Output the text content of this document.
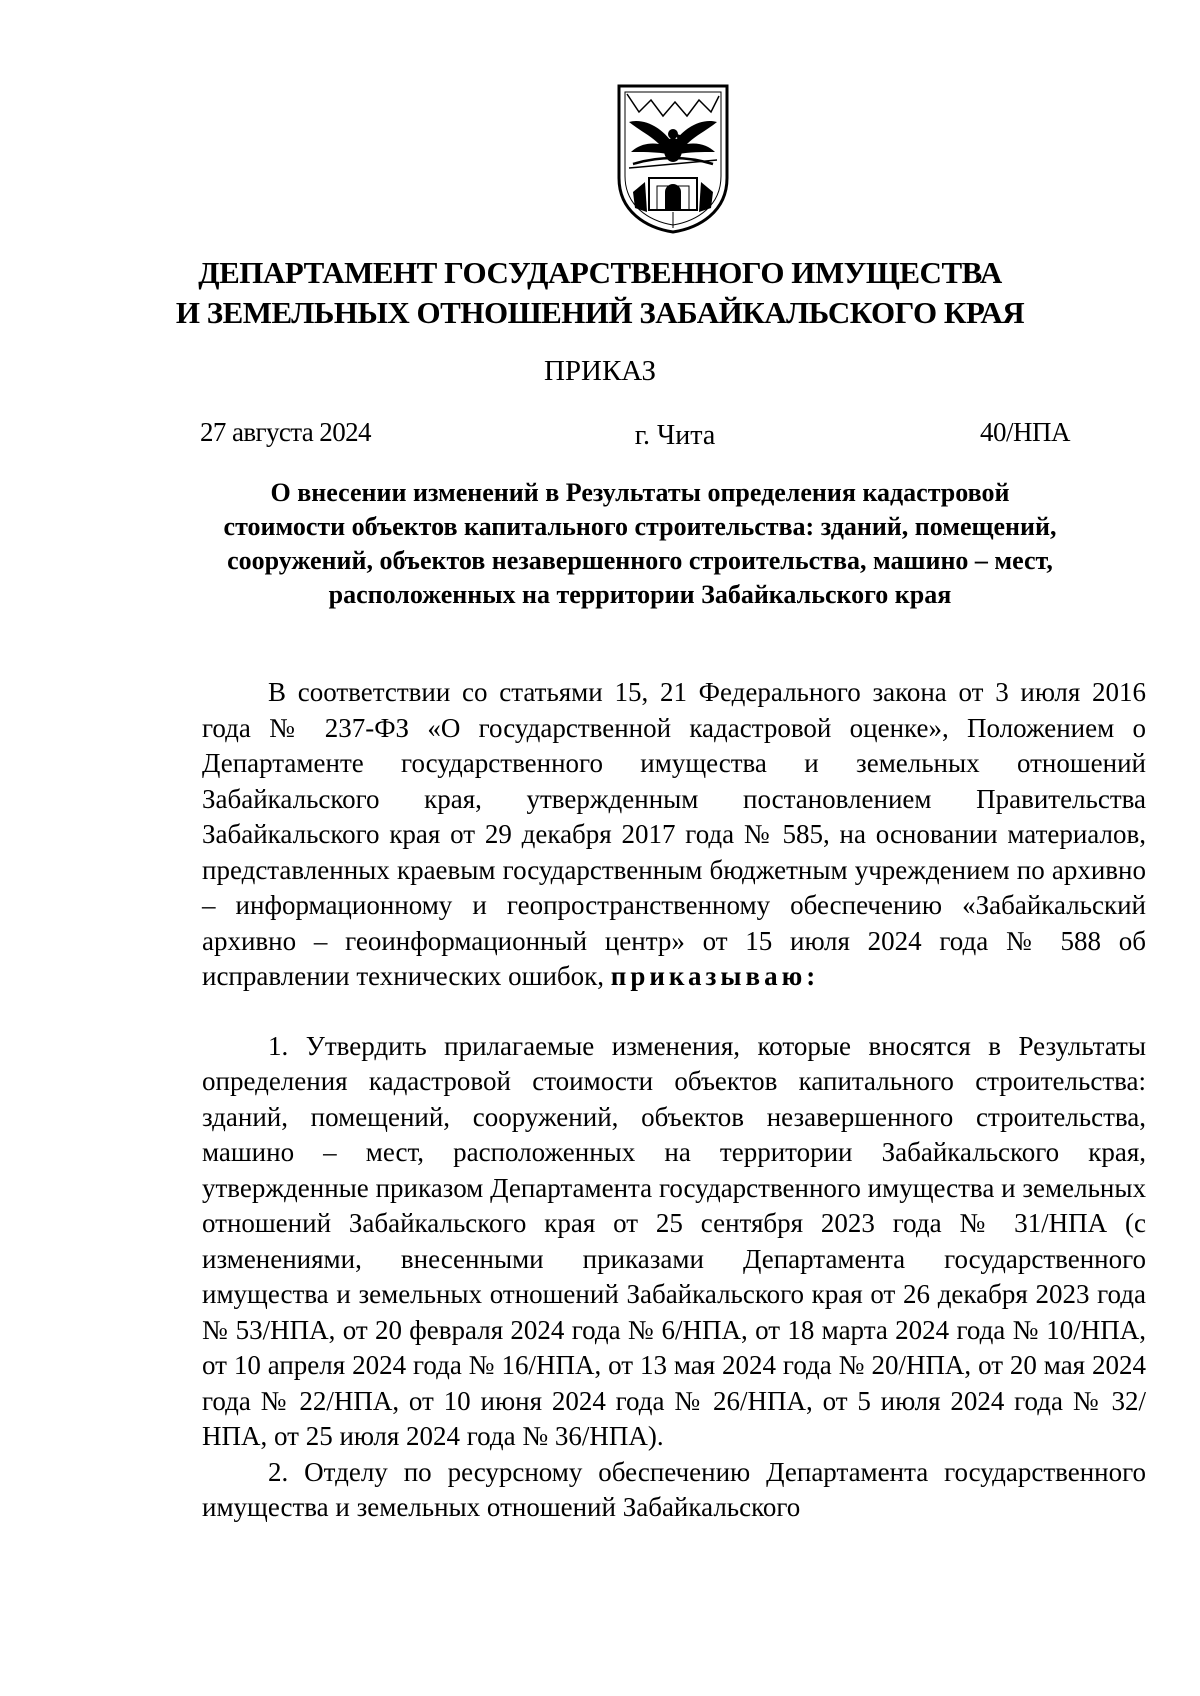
ДЕПАРТАМЕНТ ГОСУДАРСТВЕННОГО ИМУЩЕСТВА
И ЗЕМЕЛЬНЫХ ОТНОШЕНИЙ ЗАБАЙКАЛЬСКОГО КРАЯ
ПРИКАЗ
27 августа 2024	г. Чита	40/НПА
О внесении изменений в Результаты определения кадастровой
стоимости объектов капитального строительства: зданий, помещений,
сооружений, объектов незавершенного строительства, машино – мест,
расположенных на территории Забайкальского края
В соответствии со статьями 15, 21 Федерального закона от 3 июля 2016 года № 237-ФЗ «О государственной кадастровой оценке», Положением о Департаменте государственного имущества и земельных отношений Забайкальского края, утвержденным постановлением Правительства Забайкальского края от 29 декабря 2017 года № 585, на основании материалов, представленных краевым государственным бюджетным учреждением по архивно – информационному и геопространственному обеспечению «Забайкальский архивно – геоинформационный центр» от 15 июля 2024 года № 588 об исправлении технических ошибок, приказываю:
1. Утвердить прилагаемые изменения, которые вносятся в Результаты определения кадастровой стоимости объектов капитального строительства: зданий, помещений, сооружений, объектов незавершенного строительства, машино – мест, расположенных на территории Забайкальского края, утвержденные приказом Департамента государственного имущества и земельных отношений Забайкальского края от 25 сентября 2023 года № 31/НПА (с изменениями, внесенными приказами Департамента государственного имущества и земельных отношений Забайкальского края от 26 декабря 2023 года № 53/НПА, от 20 февраля 2024 года № 6/НПА, от 18 марта 2024 года № 10/НПА, от 10 апреля 2024 года № 16/НПА, от 13 мая 2024 года № 20/НПА, от 20 мая 2024 года № 22/НПА, от 10 июня 2024 года № 26/НПА, от 5 июля 2024 года № 32/НПА, от 25 июля 2024 года № 36/НПА).
2. Отделу по ресурсному обеспечению Департамента государственного имущества и земельных отношений Забайкальского
